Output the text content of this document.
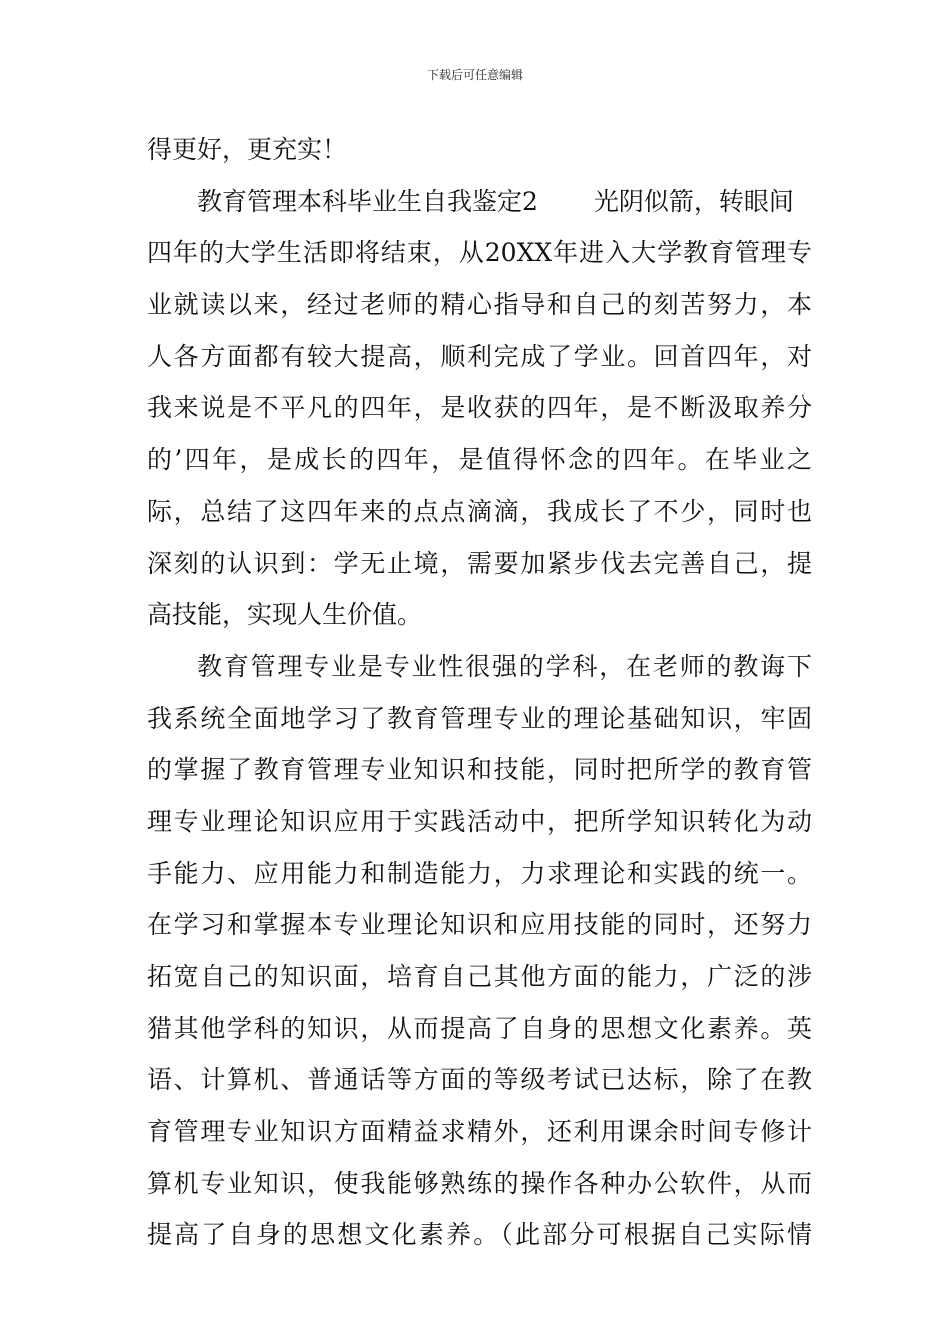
下载后可任意编辑
得更好，更充实！
教育管理本科毕业生自我鉴定2 光阴似箭，转眼间
四年的大学生活即将结束，从20XX年进入大学教育管理专
业就读以来，经过老师的精心指导和自己的刻苦努力，本
人各方面都有较大提高，顺利完成了学业。回首四年，对
我来说是不平凡的四年，是收获的四年，是不断汲取养分
的’四年，是成长的四年，是值得怀念的四年。在毕业之
际，总结了这四年来的点点滴滴，我成长了不少，同时也
深刻的认识到：学无止境，需要加紧步伐去完善自己，提
高技能，实现人生价值。
教育管理专业是专业性很强的学科，在老师的教诲下
我系统全面地学习了教育管理专业的理论基础知识，牢固
的掌握了教育管理专业知识和技能，同时把所学的教育管
理专业理论知识应用于实践活动中，把所学知识转化为动
手能力、应用能力和制造能力，力求理论和实践的统一。
在学习和掌握本专业理论知识和应用技能的同时，还努力
拓宽自己的知识面，培育自己其他方面的能力，广泛的涉
猎其他学科的知识，从而提高了自身的思想文化素养。英
语、计算机、普通话等方面的等级考试已达标，除了在教
育管理专业知识方面精益求精外，还利用课余时间专修计
算机专业知识，使我能够熟练的操作各种办公软件，从而
提高了自身的思想文化素养。（此部分可根据自己实际情
